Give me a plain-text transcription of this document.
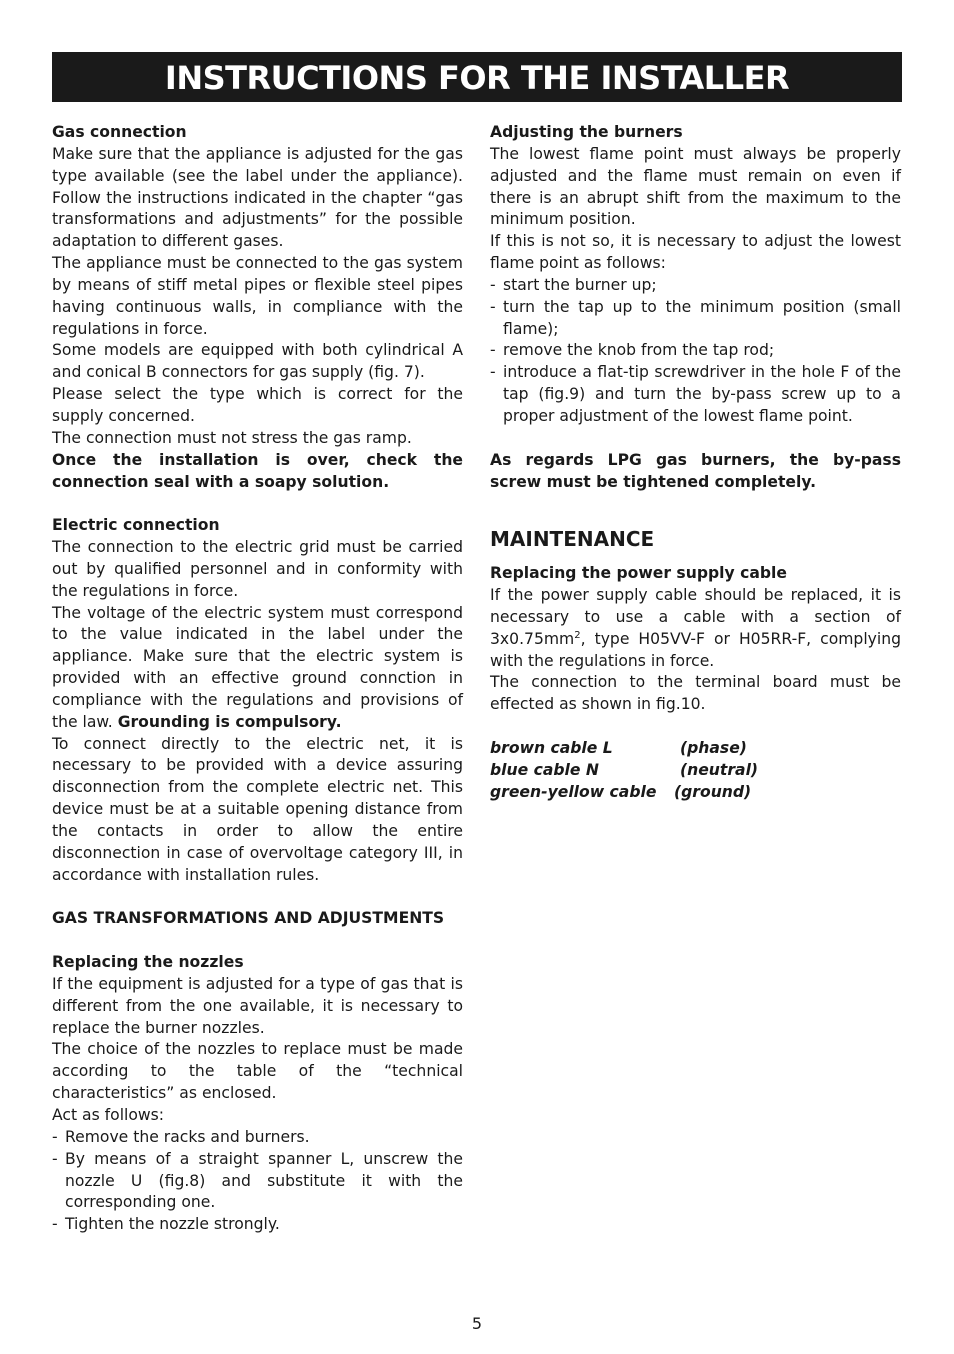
INSTRUCTIONS FOR THE INSTALLER
Gas connection

Make sure that the appliance is adjusted for the gas type available (see the label under the appliance). Follow the instructions indicated in the chapter “gas transformations and adjustments” for the possible adaptation to different gases.

The appliance must be connected to the gas system by means of stiff metal pipes or flexible steel pipes having continuous walls, in compliance with the regulations in force.

Some models are equipped with both cylindrical A and conical B connectors for gas supply (fig. 7).

Please select the type which is correct for the supply concerned.

The connection must not stress the gas ramp.

Once the installation is over, check the connection seal with a soapy solution.

Electric connection

The connection to the electric grid must be carried out by qualified personnel and in conformity with the regulations in force.

The voltage of the electric system must correspond to the value indicated in the label under the appliance. Make sure that the electric system is provided with an effective ground connction in compliance with the regulations and provisions of the law. Grounding is compulsory.

To connect directly to the electric net, it is necessary to be provided with a device assuring disconnection from the complete electric net. This device must be at a suitable opening distance from the contacts in order to allow the entire disconnection in case of overvoltage category III, in accordance with installation rules.

GAS TRANSFORMATIONS AND ADJUSTMENTS
Replacing the nozzles

If the equipment is adjusted for a type of gas that is different from the one available, it is necessary to replace the burner nozzles.

The choice of the nozzles to replace must be made according to the table of the “technical characteristics” as enclosed.

Act as follows:

- Remove the racks and burners.
- By means of a straight spanner L, unscrew the nozzle U (fig.8) and substitute it with the corresponding one.
- Tighten the nozzle strongly.
Adjusting the burners

The lowest flame point must always be properly adjusted and the flame must remain on even if there is an abrupt shift from the maximum to the minimum position.

If this is not so, it is necessary to adjust the lowest flame point as follows:

- start the burner up;
- turn the tap up to the minimum position (small flame);
- remove the knob from the tap rod;
- introduce a flat-tip screwdriver in the hole F of the tap (fig.9) and turn the by-pass screw up to a proper adjustment of the lowest flame point.

As regards LPG gas burners, the by-pass screw must be tightened completely.

MAINTENANCE
Replacing the power supply cable

If the power supply cable should be replaced, it is necessary to use a cable with a section of $3x0.75mm^2$, type H05VV-F or H05RR-F, complying with the regulations in force.

The connection to the terminal board must be effected as shown in fig.10.

brown cable L	(phase)
blue cable N	(neutral)
green-yellow cable	(ground)
5
